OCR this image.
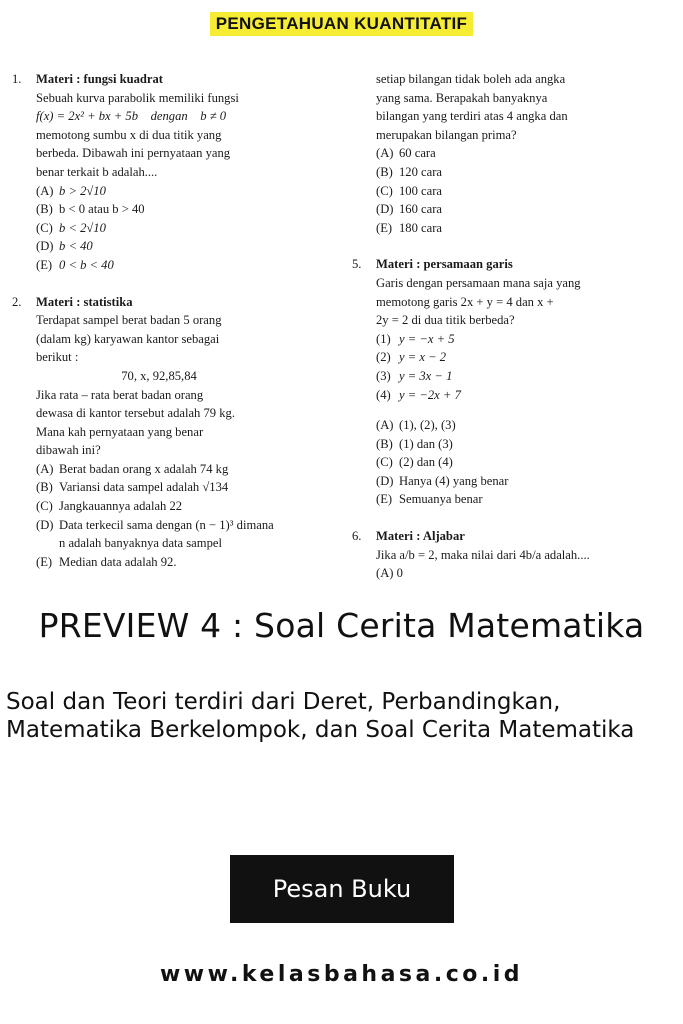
PENGETAHUAN KUANTITATIF
1. Materi : fungsi kuadrat
Sebuah kurva parabolik memiliki fungsi
f(x) = 2x² + bx + 5b    dengan    b ≠ 0
memotong sumbu x di dua titik yang
berbeda. Dibawah ini pernyataan yang
benar terkait b adalah....
(A) b > 2√10
(B) b < 0 atau b > 40
(C) b < 2√10
(D) b < 40
(E) 0 < b < 40
2. Materi : statistika
Terdapat sampel berat badan 5 orang
(dalam kg) karyawan kantor sebagai
berikut :
70, x, 92,85,84
Jika rata – rata berat badan orang
dewasa di kantor tersebut adalah 79 kg.
Mana kah pernyataan yang benar
dibawah ini?
(A) Berat badan orang x adalah 74 kg
(B) Variansi data sampel adalah √134
(C) Jangkauannya adalah 22
(D) Data terkecil sama dengan (n − 1)³ dimana n adalah banyaknya data sampel
(E) Median data adalah 92.
setiap bilangan tidak boleh ada angka
yang sama. Berapakah banyaknya
bilangan yang terdiri atas 4 angka dan
merupakan bilangan prima?
(A) 60 cara
(B) 120 cara
(C) 100 cara
(D) 160 cara
(E) 180 cara
5. Materi : persamaan garis
Garis dengan persamaan mana saja yang
memotong garis 2x + y = 4 dan x +
2y = 2 di dua titik berbeda?
(1) y = −x + 5
(2) y = x − 2
(3) y = 3x − 1
(4) y = −2x + 7
(A) (1), (2), (3)
(B) (1) dan (3)
(C) (2) dan (4)
(D) Hanya (4) yang benar
(E) Semuanya benar
6. Materi : Aljabar
Jika a/b = 2, maka nilai dari 4b/a adalah....
(A) 0
PREVIEW 4 : Soal Cerita Matematika
Soal dan Teori terdiri dari Deret, Perbandingkan, Matematika Berkelompok, dan Soal Cerita Matematika
Pesan Buku
www.kelasbahasa.co.id
